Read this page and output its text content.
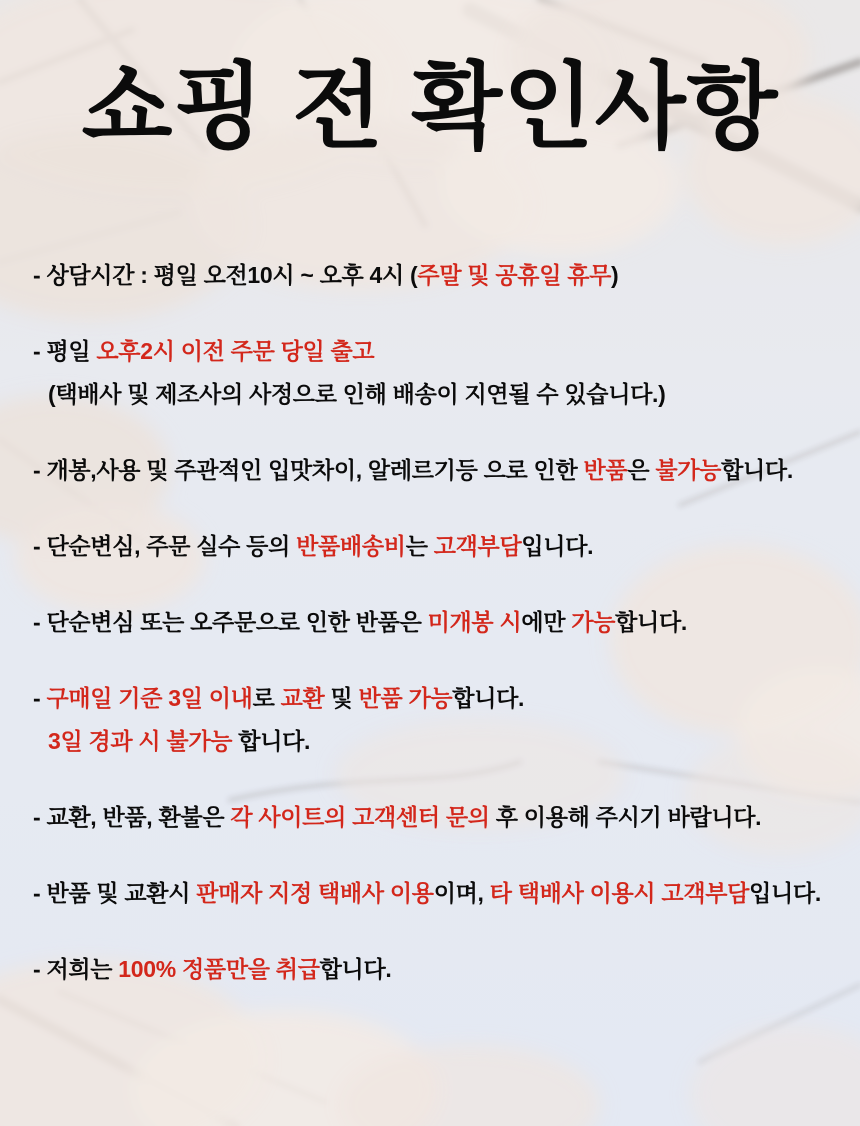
쇼핑 전 확인사항
- 상담시간 : 평일 오전10시 ~ 오후 4시 (주말 및 공휴일 휴무)
- 평일 오후2시 이전 주문 당일 출고
(택배사 및 제조사의 사정으로 인해 배송이 지연될 수 있습니다.)
- 개봉,사용 및 주관적인 입맛차이, 알레르기등 으로 인한 반품은 불가능합니다.
- 단순변심, 주문 실수 등의 반품배송비는 고객부담입니다.
- 단순변심 또는 오주문으로 인한 반품은 미개봉 시에만 가능합니다.
- 구매일 기준 3일 이내로 교환 및 반품 가능합니다.
3일 경과 시 불가능 합니다.
- 교환, 반품, 환불은 각 사이트의 고객센터 문의 후 이용해 주시기 바랍니다.
- 반품 및 교환시 판매자 지정 택배사 이용이며, 타 택배사 이용시 고객부담입니다.
- 저희는 100% 정품만을 취급합니다.
